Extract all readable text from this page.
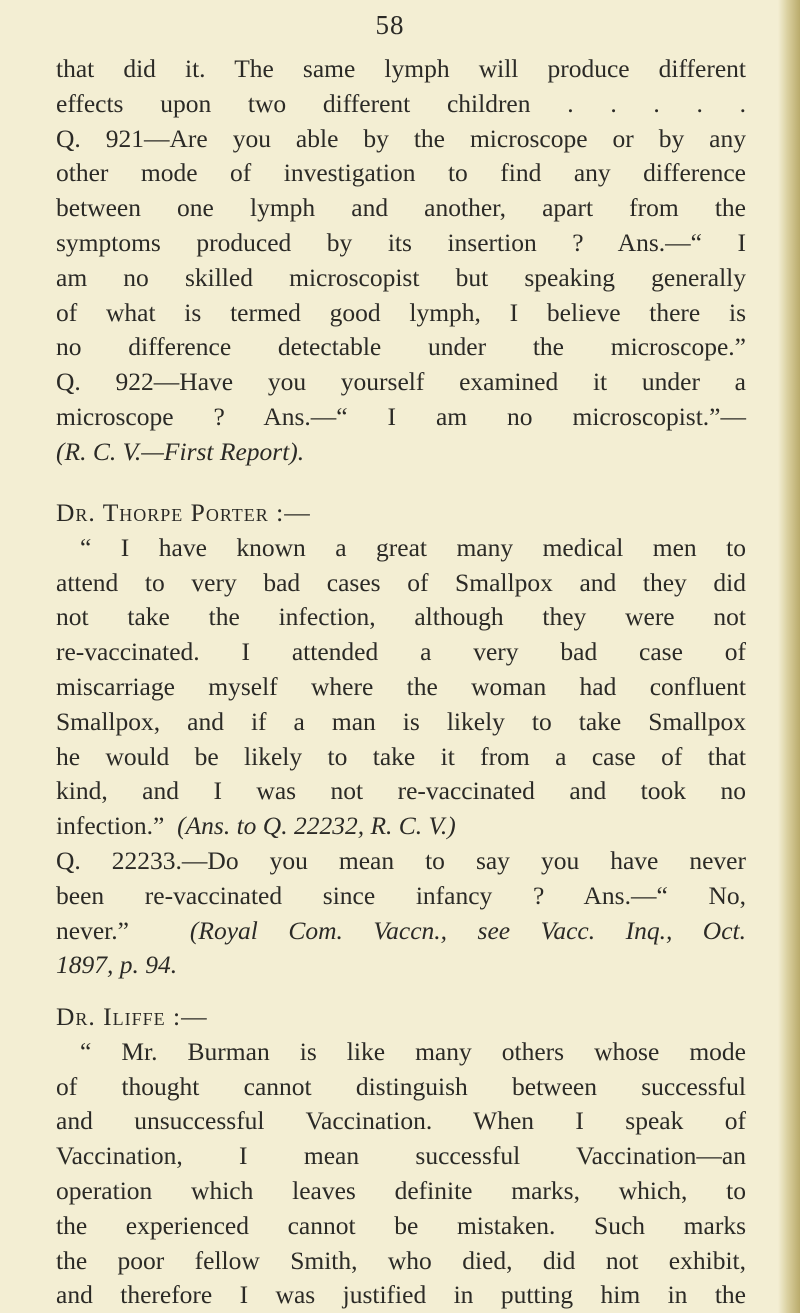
58
that did it. The same lymph will produce different
effects upon two different children . . . . .
Q. 921—Are you able by the microscope or by any
other mode of investigation to find any difference
between one lymph and another, apart from the
symptoms produced by its insertion ? Ans.—“ I
am no skilled microscopist but speaking generally
of what is termed good lymph, I believe there is
no difference detectable under the microscope.”
Q. 922—Have you yourself examined it under a
microscope ? Ans.—“ I am no microscopist.”—
(R. C. V.—First Report).
Dr. Thorpe Porter :—
“ I have known a great many medical men to
attend to very bad cases of Smallpox and they did
not take the infection, although they were not
re-vaccinated. I attended a very bad case of
miscarriage myself where the woman had confluent
Smallpox, and if a man is likely to take Smallpox
he would be likely to take it from a case of that
kind, and I was not re-vaccinated and took no
infection.” (Ans. to Q. 22232, R. C. V.)
Q. 22233.—Do you mean to say you have never
been re-vaccinated since infancy ? Ans.—“ No,
never.” (Royal Com. Vaccn., see Vacc. Inq., Oct.
1897, p. 94.
Dr. Iliffe :—
“ Mr. Burman is like many others whose mode
of thought cannot distinguish between successful
and unsuccessful Vaccination. When I speak of
Vaccination, I mean successful Vaccination—an
operation which leaves definite marks, which, to
the experienced cannot be mistaken. Such marks
the poor fellow Smith, who died, did not exhibit,
and therefore I was justified in putting him in the
